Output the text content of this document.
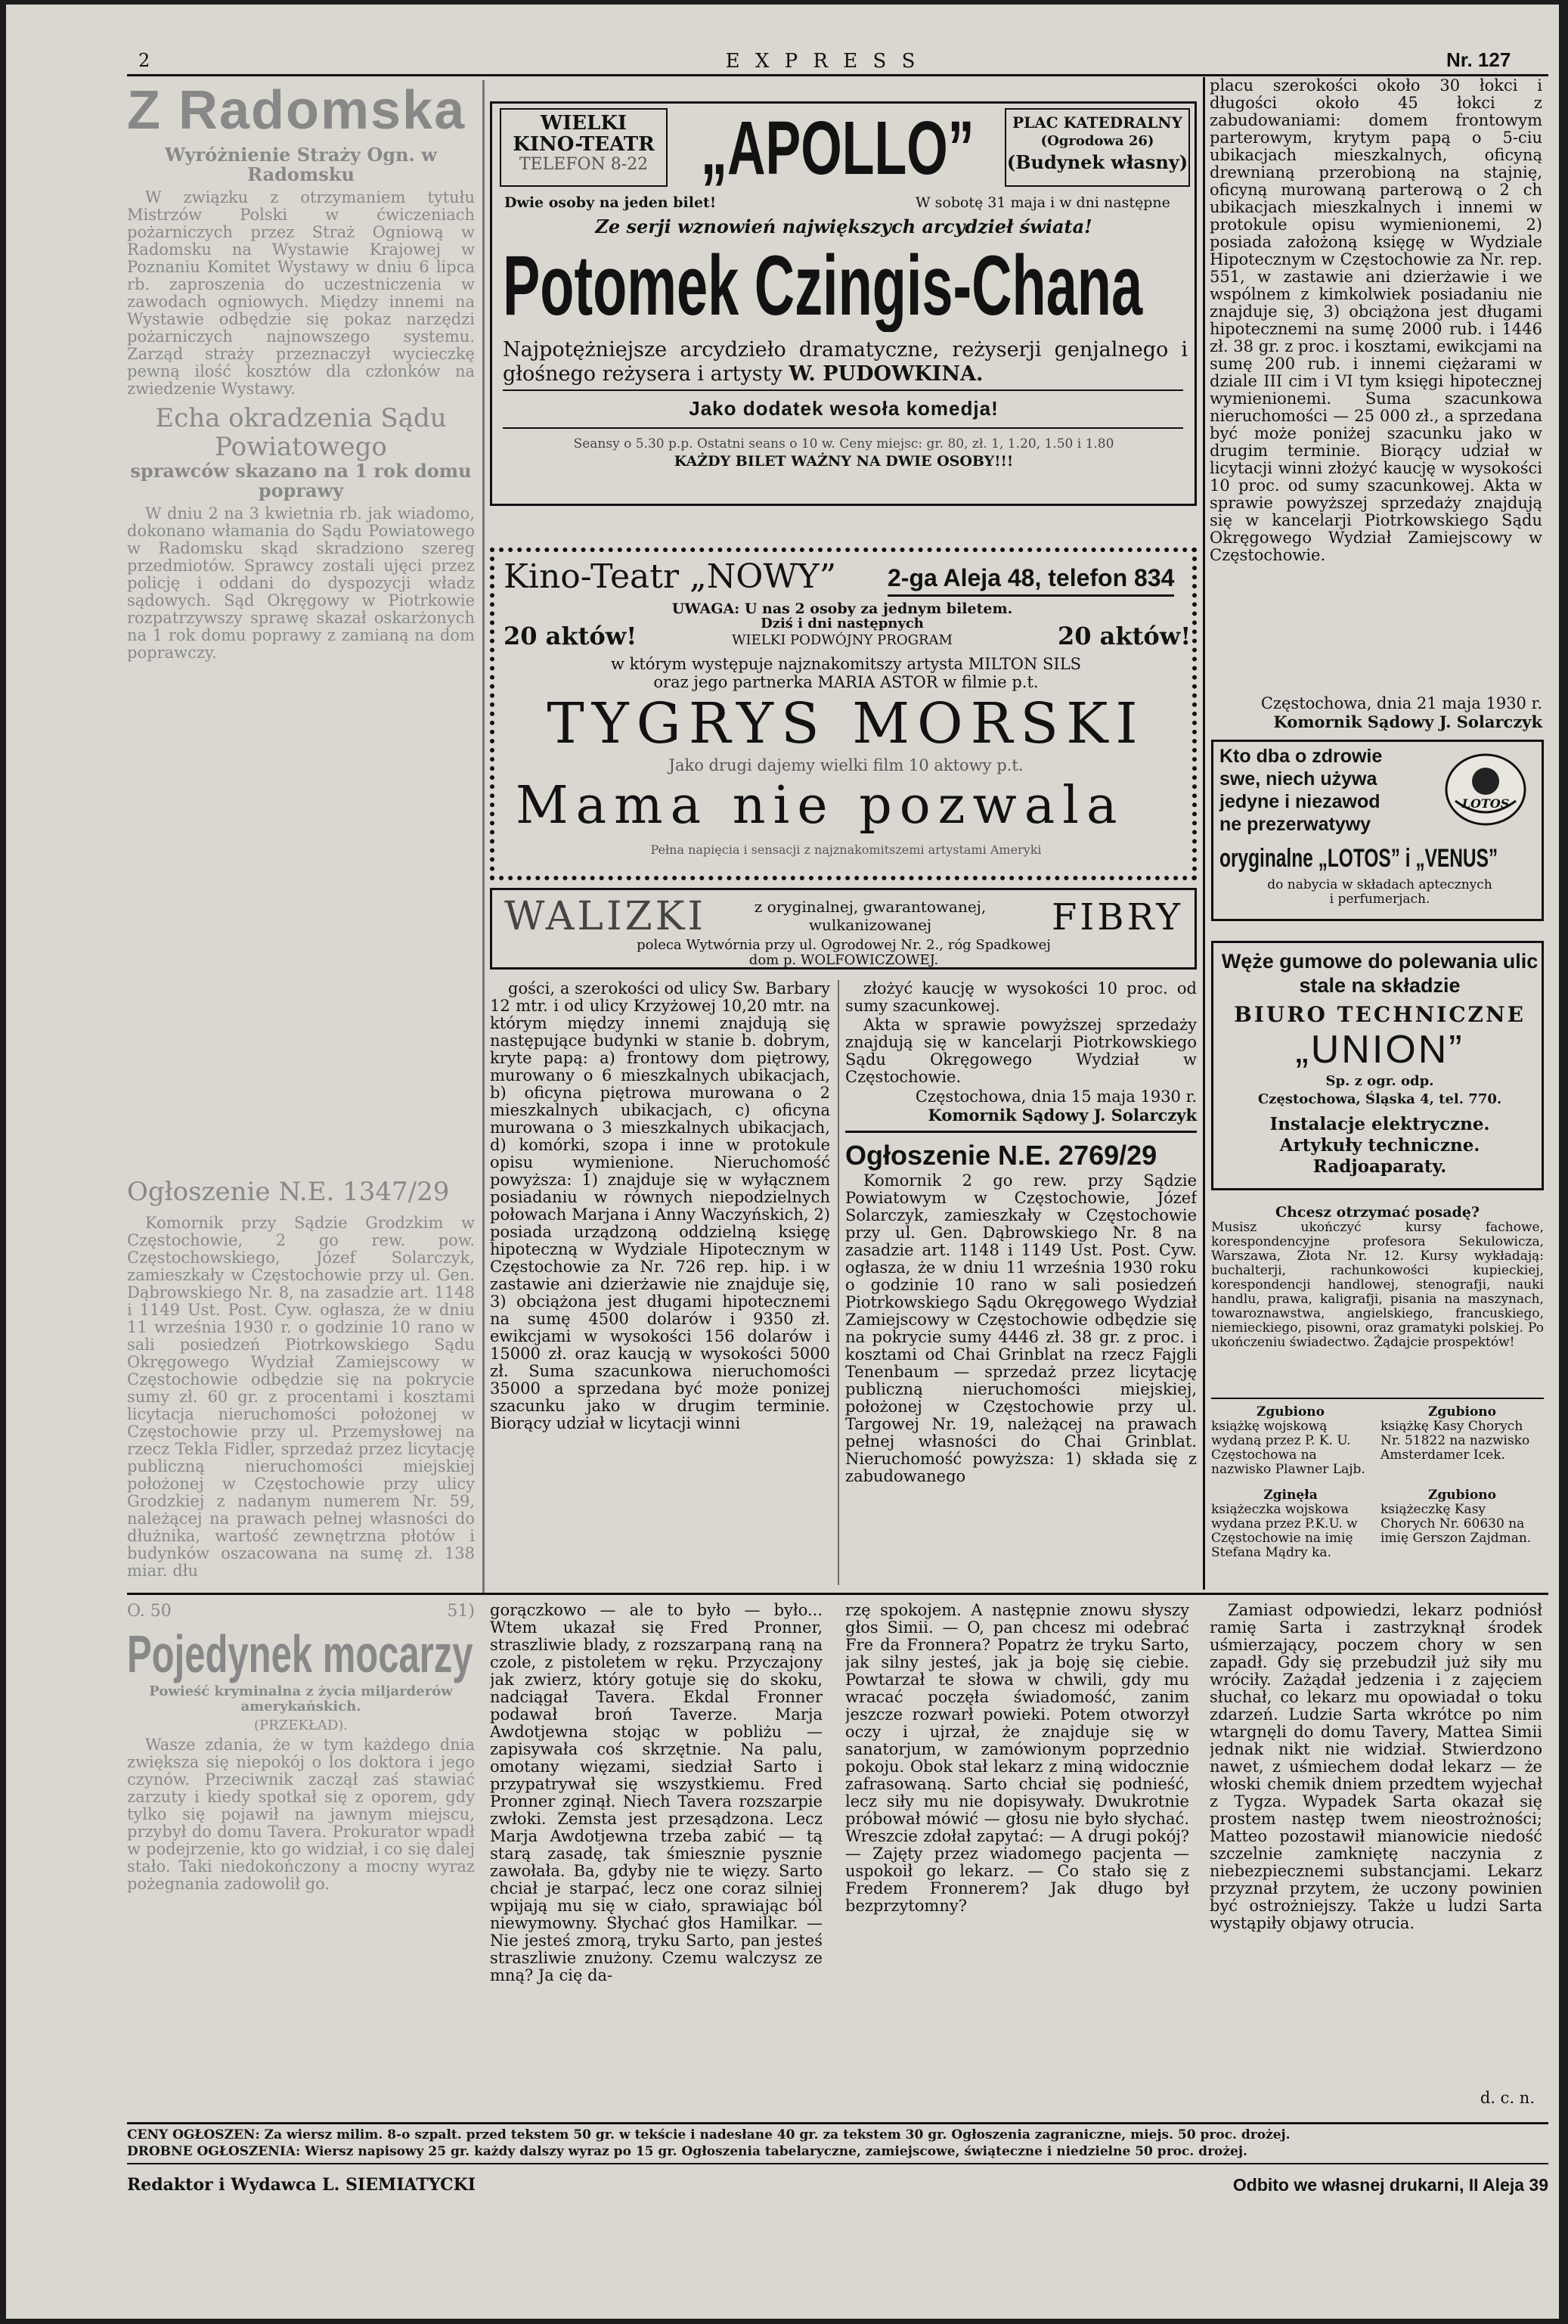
2	E X P R E S S	Nr. 127
Z Radomska
Wyróżnienie Straży Ogn. w Radomsku

W związku z otrzymaniem tytułu Mistrzów Polski w ćwiczeniach pożarniczych przez Straż Ogniową w Radomsku na Wystawie Krajowej w Poznaniu Komitet Wystawy w dniu 6 lipca rb. zaproszenia do uczestniczenia w zawodach ogniowych. Między innemi na Wystawie odbędzie się pokaz narzędzi pożarniczych najnowszego systemu. Zarząd straży przeznaczył wycieczkę pewną ilość kosztów dla członków na zwiedzenie Wystawy.

Echa okradzenia Sądu Powiatowego
sprawców skazano na 1 rok domu poprawy

W dniu 2 na 3 kwietnia rb. jak wiadomo, dokonano włamania do Sądu Powiatowego w Radomsku skąd skradziono szereg przedmiotów. Sprawcy zostali ujęci przez policję i oddani do dyspozycji władz sądowych. Sąd Okręgowy w Piotrkowie rozpatrzywszy sprawę skazał oskarżonych na 1 rok domu poprawy z zamianą na dom poprawczy.

Ogłoszenie N.E. 1347/29

Komornik przy Sądzie Grodzkim w Częstochowie, 2 go rew. pow. Częstochowskiego, Józef Solarczyk, zamieszkały w Częstochowie przy ul. Gen. Dąbrowskiego Nr. 8, na zasadzie art. 1148 i 1149 Ust. Post. Cyw. ogłasza, że w dniu 11 września 1930 r. o godzinie 10 rano w sali posiedzeń Piotrkowskiego Sądu Okręgowego Wydział Zamiejscowy w Częstochowie odbędzie się na pokrycie sumy zł. 60 gr. z procentami i kosztami licytacja nieruchomości położonej w Częstochowie przy ul. Przemysłowej na rzecz Tekla Fidler, sprzedaż przez licytację publiczną nieruchomości miejskiej położonej w Częstochowie przy ulicy Grodzkiej z nadanym numerem Nr. 59, należącej na prawach pełnej własności do dłużnika, wartość zewnętrzna płotów i budynków oszacowana na sumę zł. 138 miar. dłu

WIELKI
KINO-TEATR
TELEFON 8-22 „APOLLO”	PLAC KATEDRALNY
(Ogrodowa 26)
(Budynek własny)
Dwie osoby na jeden bilet!	W sobotę 31 maja i w dni następne
Ze serji wznowień największych arcydzieł świata!
Potomek Czingis-Chana
Najpotężniejsze arcydzieło dramatyczne, reżyserji genjalnego i głośnego reżysera i artysty W. PUDOWKINA.
Jako dodatek wesoła komedja!
Seansy o 5.30 p.p. Ostatni seans o 10 w. Ceny miejsc: gr. 80, zł. 1, 1.20, 1.50 i 1.80
KAŻDY BILET WAŻNY NA DWIE OSOBY!!!
Kino-Teatr „NOWY” 2-ga Aleja 48, telefon 834
UWAGA: U nas 2 osoby za jednym biletem.
Dziś i dni następnych
20 aktów!	WIELKI PODWÓJNY PROGRAM	20 aktów!
w którym występuje najznakomitszy artysta MILTON SILS
oraz jego partnerka MARIA ASTOR w filmie p.t.
TYGRYS MORSKI
Jako drugi dajemy wielki film 10 aktowy p.t.
Mama nie pozwala
Pełna napięcia i sensacji z najznakomitszemi artystami Ameryki
WALIZKI	z oryginalnej, gwarantowanej,
wulkanizowanej	FIBRY
poleca Wytwórnia przy ul. Ogrodowej Nr. 2., róg Spadkowej
dom p. WOLFOWICZOWEJ.

gości, a szerokości od ulicy Św. Barbary 12 mtr. i od ulicy Krzyżowej 10,20 mtr. na którym między innemi znajdują się następujące budynki w stanie b. dobrym, kryte papą: a) frontowy dom piętrowy, murowany o 6 mieszkalnych ubikacjach, b) oficyna piętrowa murowana o 2 mieszkalnych ubikacjach, c) oficyna murowana o 3 mieszkalnych ubikacjach, d) komórki, szopa i inne w protokule opisu wymienione. Nieruchomość powyższa: 1) znajduje się w wyłącznem posiadaniu w równych niepodzielnych połowach Marjana i Anny Waczyńskich, 2) posiada urządzoną oddzielną księgę hipoteczną w Wydziale Hipotecznym w Częstochowie za Nr. 726 rep. hip. i w zastawie ani dzierżawie nie znajduje się, 3) obciążona jest długami hipotecznemi na sumę 4500 dolarów i 9350 zł. ewikcjami w wysokości 156 dolarów i 15000 zł. oraz kaucją w wysokości 5000 zł. Suma szacunkowa nieruchomości 35000 a sprzedana być może ponizej szacunku jako w drugim terminie. Biorący udział w licytacji winni

złożyć kaucję w wysokości 10 proc. od sumy szacunkowej.

Akta w sprawie powyższej sprzedaży znajdują się w kancelarji Piotrkowskiego Sądu Okręgowego Wydział w Częstochowie.

Częstochowa, dnia 15 maja 1930 r.
Komornik Sądowy J. Solarczyk
Ogłoszenie N.E. 2769/29

Komornik 2 go rew. przy Sądzie Powiatowym w Częstochowie, Józef Solarczyk, zamieszkały w Częstochowie przy ul. Gen. Dąbrowskiego Nr. 8 na zasadzie art. 1148 i 1149 Ust. Post. Cyw. ogłasza, że w dniu 11 września 1930 roku o godzinie 10 rano w sali posiedzeń Piotrkowskiego Sądu Okręgowego Wydział Zamiejscowy w Częstochowie odbędzie się na pokrycie sumy 4446 zł. 38 gr. z proc. i kosztami od Chai Grinblat na rzecz Fajgli Tenenbaum — sprzedaż przez licytację publiczną nieruchomości miejskiej, położonej w Częstochowie przy ul. Targowej Nr. 19, należącej na prawach pełnej własności do Chai Grinblat. Nieruchomość powyższa: 1) składa się z zabudowanego

placu szerokości około 30 łokci i długości około 45 łokci z zabudowaniami: domem frontowym parterowym, krytym papą o 5-ciu ubikacjach mieszkalnych, oficyną drewnianą przerobioną na stajnię, oficyną murowaną parterową o 2 ch ubikacjach mieszkalnych i innemi w protokule opisu wymienionemi, 2) posiada założoną księgę w Wydziale Hipotecznym w Częstochowie za Nr. rep. 551, w zastawie ani dzierżawie i we wspólnem z kimkolwiek posiadaniu nie znajduje się, 3) obciążona jest długami hipotecznemi na sumę 2000 rub. i 1446 zł. 38 gr. z proc. i kosztami, ewikcjami na sumę 200 rub. i innemi ciężarami w dziale III cim i VI tym księgi hipotecznej wymienionemi. Suma szacunkowa nieruchomości — 25 000 zł., a sprzedana być może poniżej szacunku jako w drugim terminie. Biorący udział w licytacji winni złożyć kaucję w wysokości 10 proc. od sumy szacunkowej. Akta w sprawie powyższej sprzedaży znajdują się w kancelarji Piotrkowskiego Sądu Okręgowego Wydział Zamiejscowy w Częstochowie.

Częstochowa, dnia 21 maja 1930 r.
Komornik Sądowy J. Solarczyk
Kto dba o zdrowie
swe, niech używa
jedyne i niezawod
ne prezerwatywy
LOTOS
oryginalne „LOTOS” i „VENUS”
do nabycia w składach aptecznych
i perfumerjach.
Węże gumowe do polewania ulic stale na składzie
BIURO TECHNICZNE
„UNION”
Sp. z ogr. odp.
Częstochowa, Śląska 4, tel. 770.
Instalacje elektryczne.
Artykuły techniczne.
Radjoaparaty.
Chcesz otrzymać posadę?
Musisz ukończyć kursy fachowe, korespondencyjne profesora Sekulowicza, Warszawa, Złota Nr. 12. Kursy wykładają: buchalterji, rachunkowości kupieckiej, korespondencji handlowej, stenografji, nauki handlu, prawa, kaligrafji, pisania na maszynach, towaroznawstwa, angielskiego, francuskiego, niemieckiego, pisowni, oraz gramatyki polskiej. Po ukończeniu świadectwo. Żądajcie prospektów!
Zgubiono
książkę wojskową wydaną przez P. K. U. Częstochowa na nazwisko Plawner Lajb.
Zgubiono
książkę Kasy Chorych Nr. 51822 na nazwisko Amsterdamer Icek.
Zginęła
książeczka wojskowa wydana przez P.K.U. w Częstochowie na imię Stefana Mądry ka.
Zgubiono
książeczkę Kasy Chorych Nr. 60630 na imię Gerszon Zajdman.
O. 50	51)
Pojedynek mocarzy
Powieść kryminalna z życia miljarderów amerykańskich.
(PRZEKŁAD).

Wasze zdania, że w tym każdego dnia zwiększa się niepokój o los doktora i jego czynów. Przeciwnik zaczął zaś stawiać zarzuty i kiedy spotkał się z oporem, gdy tylko się pojawił na jawnym miejscu, przybył do domu Tavera. Prokurator wpadł w podejrzenie, kto go widział, i co się dalej stało. Taki niedokończony a mocny wyraz pożegnania zadowolił go.

gorączkowo — ale to było — było... Wtem ukazał się Fred Pronner, straszliwie blady, z rozszarpaną raną na czole, z pistoletem w ręku. Przyczajony jak zwierz, który gotuje się do skoku, nadciągał Tavera. Ekdal Fronner podawał broń Taverze. Marja Awdotjewna stojąc w pobliżu — zapisywała coś skrzętnie. Na palu, omotany więzami, siedział Sarto i przypatrywał się wszystkiemu. Fred Pronner zginął. Niech Tavera rozszarpie zwłoki. Zemsta jest przesądzona. Lecz Marja Awdotjewna trzeba zabić — tą starą zasadę, tak śmiesznie pysznie zawołała. Ba, gdyby nie te więzy. Sarto chciał je starpać, lecz one coraz silniej wpijają mu się w ciało, sprawiając ból niewymowny. Słychać głos Hamilkar. — Nie jesteś zmorą, tryku Sarto, pan jesteś straszliwie znużony. Czemu walczysz ze mną? Ja cię da-

rzę spokojem. A następnie znowu słyszy głos Simii. — O, pan chcesz mi odebrać Fre da Fronnera? Popatrz że tryku Sarto, jak silny jesteś, jak ja boję się ciebie. Powtarzał te słowa w chwili, gdy mu wracać poczęła świadomość, zanim jeszcze rozwarł powieki. Potem otworzył oczy i ujrzał, że znajduje się w sanatorjum, w zamówionym poprzednio pokoju. Obok stał lekarz z miną widocznie zafrasowaną. Sarto chciał się podnieść, lecz siły mu nie dopisywały. Dwukrotnie próbował mówić — głosu nie było słychać. Wreszcie zdołał zapytać: — A drugi pokój? — Zajęty przez wiadomego pacjenta — uspokoił go lekarz. — Co stało się z Fredem Fronnerem? Jak długo był bezprzytomny?

Zamiast odpowiedzi, lekarz podniósł ramię Sarta i zastrzyknął środek uśmierzający, poczem chory w sen zapadł. Gdy się przebudził już siły mu wróciły. Zażądał jedzenia i z zajęciem słuchał, co lekarz mu opowiadał o toku zdarzeń. Ludzie Sarta wkrótce po nim wtargnęli do domu Tavery, Mattea Simii jednak nikt nie widział. Stwierdzono nawet, z uśmiechem dodał lekarz — że włoski chemik dniem przedtem wyjechał z Tygza. Wypadek Sarta okazał się prostem następ twem nieostrożności; Matteo pozostawił mianowicie niedość szczelnie zamkniętę naczynia z niebezpiecznemi substancjami. Lekarz przyznał przytem, że uczony powinien być ostrożniejszy. Także u ludzi Sarta wystąpiły objawy otrucia.

d. c. n.
CENY OGŁOSZEŃ: Za wiersz milim. 8-o szpalt. przed tekstem 50 gr. w tekście i nadesłane 40 gr. za tekstem 30 gr. Ogłoszenia zagraniczne, miejs. 50 proc. drożej.
DROBNE OGŁOSZENIA: Wiersz napisowy 25 gr. każdy dalszy wyraz po 15 gr. Ogłoszenia tabelaryczne, zamiejscowe, świąteczne i niedzielne 50 proc. drożej.
Redaktor i Wydawca L. SIEMIATYCKI	Odbito we własnej drukarni, II Aleja 39
